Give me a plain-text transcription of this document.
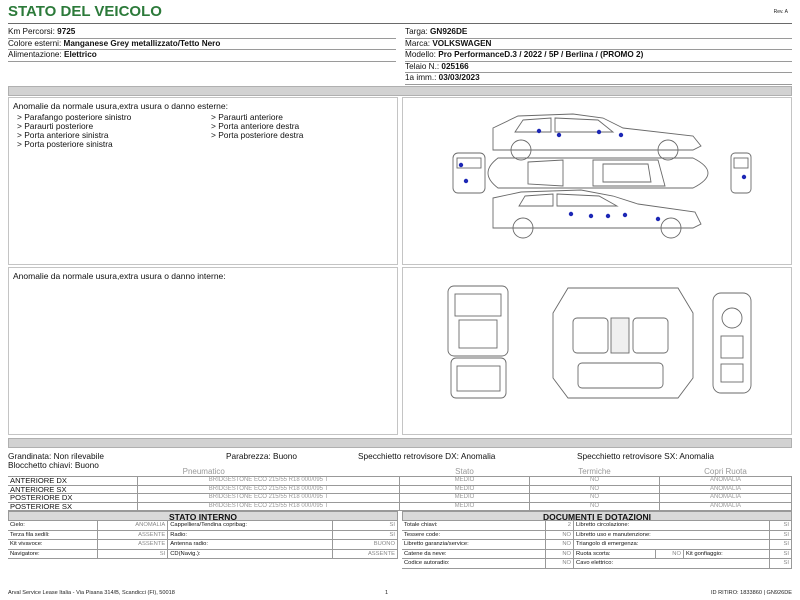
STATO DEL VEICOLO	Rev. A
Km Percorsi: 9725
Colore esterni: Manganese Grey metallizzato/Tetto Nero
Alimentazione: Elettrico
Targa: GN926DE
Marca: VOLKSWAGEN
Modello: Pro PerformanceD.3 / 2022 / 5P / Berlina / (PROMO 2)
Telaio N.: 025166
1a imm.: 03/03/2023
Anomalie da normale usura,extra usura o danno esterne:
> Parafango posteriore sinistro
> Paraurti posteriore
> Porta anteriore sinistra
> Porta posteriore sinistra
> Paraurti anteriore
> Porta anteriore destra
> Porta posteriore destra
Anomalie da normale usura,extra usura o danno interne:
Grandinata: Non rilevabile	Parabrezza: Buono	Specchietto retrovisore DX: Anomalia	Specchietto retrovisore SX: Anomalia
Blocchetto chiavi: Buono
Pneumatico		Stato	Termiche	Copri Ruota
ANTERIORE DX	BRIDGESTONE ECO 215/55 R18 000/095 T	MEDIO	NO	ANOMALIA
ANTERIORE SX	BRIDGESTONE ECO 215/55 R18 000/095 T	MEDIO	NO	ANOMALIA
POSTERIORE DX	BRIDGESTONE ECO 215/55 R18 000/095 T	MEDIO	NO	ANOMALIA
POSTERIORE SX	BRIDGESTONE ECO 215/55 R18 000/095 T	MEDIO	NO	ANOMALIA
STATO INTERNO
Cielo:	ANOMALIA	Cappelliera/Tendina copribag:	SI
Terza fila sedili:	ASSENTE	Radio:	SI
Kit vivavoce:	ASSENTE	Antenna radio:	BUONO
Navigatore:	SI	CD(Navig.):	ASSENTE
DOCUMENTI E DOTAZIONI
Totale chiavi:	2	Libretto circolazione:			SI
Tessere code:	NO	Libretto uso e manutenzione:			SI
Libretto garanzia/service:	NO	Triangolo di emergenza:			SI
Catene da neve:	NO	Ruota scorta:	NO	Kit gonfiaggio:	SI
Codice autoradio:	NO	Cavo elettrico:			SI
Arval Service Lease Italia - Via Pisana 314/B, Scandicci (FI), 50018	1	ID RITIRO: 1833860 | GN926DE
